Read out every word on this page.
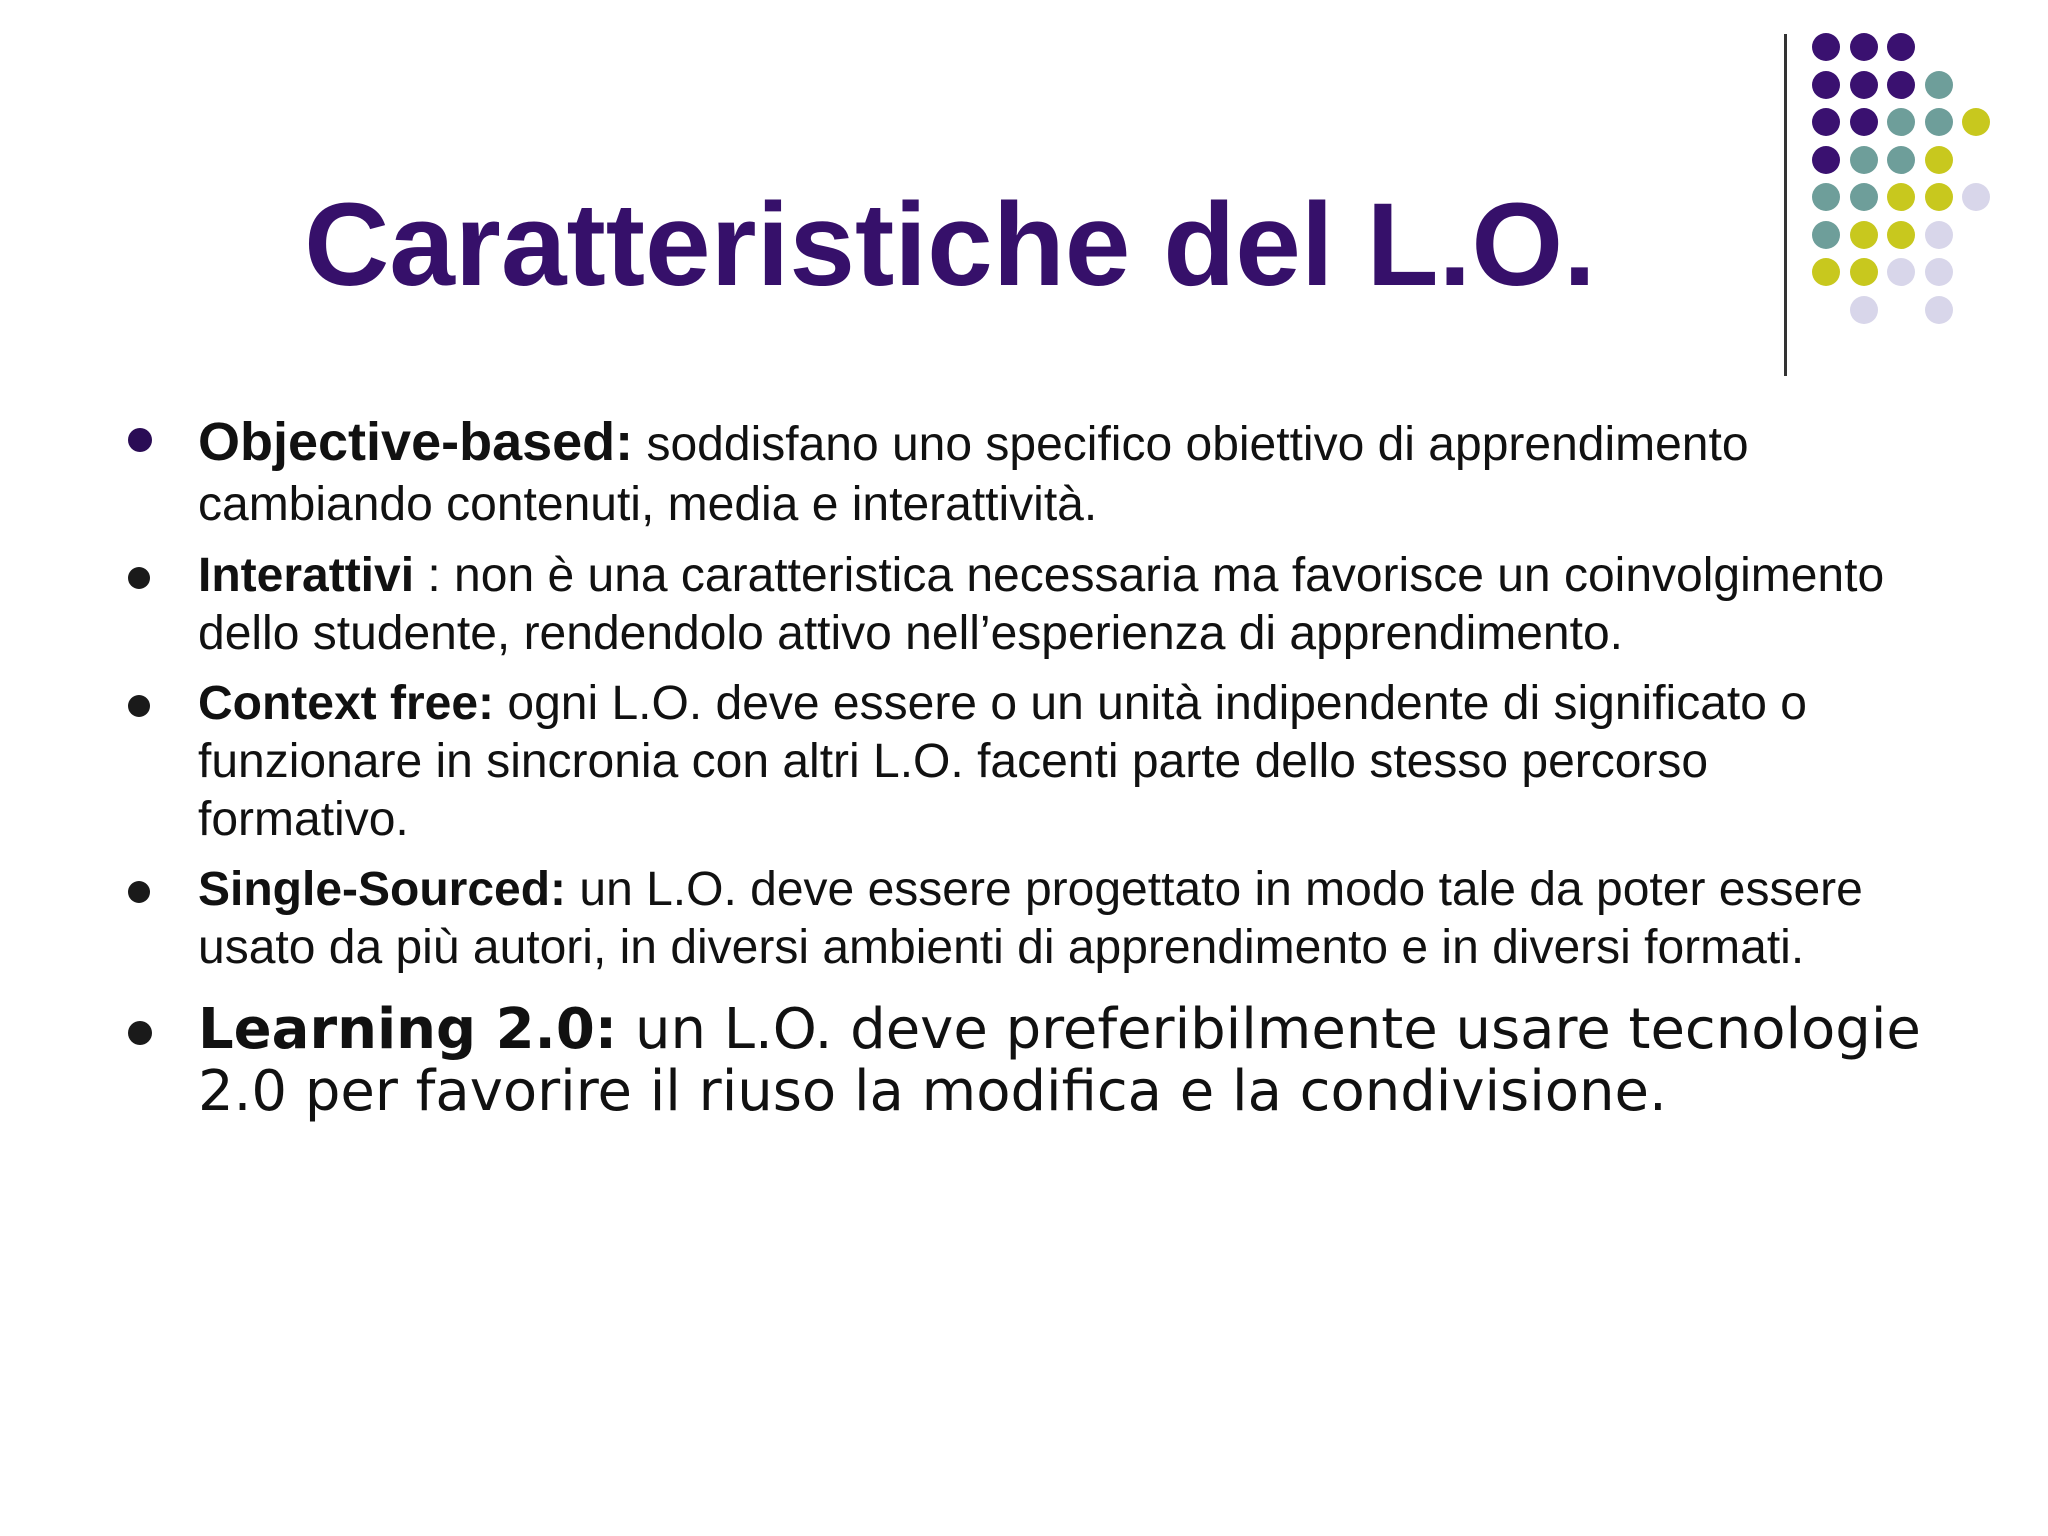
Caratteristiche del L.O.
Objective-based: soddisfano uno specifico obiettivo di apprendimento cambiando contenuti, media e interattività.
Interattivi : non è una caratteristica necessaria ma favorisce un coinvolgimento dello studente, rendendolo attivo nell’esperienza di apprendimento.
Context free: ogni L.O. deve essere o un unità indipendente di significato o funzionare in sincronia con altri L.O. facenti parte dello stesso percorso formativo.
Single-Sourced: un L.O. deve essere progettato in modo tale da poter essere usato da più autori, in diversi ambienti di apprendimento e in diversi formati.
Learning 2.0: un L.O. deve preferibilmente usare tecnologie 2.0 per favorire il riuso la modifica e la condivisione.
